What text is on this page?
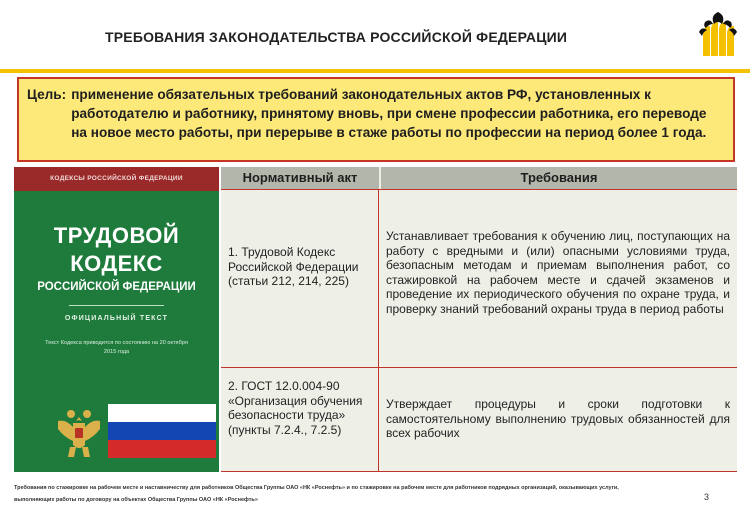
ТРЕБОВАНИЯ ЗАКОНОДАТЕЛЬСТВА РОССИЙСКОЙ ФЕДЕРАЦИИ
Цель: применение обязательных требований законодательных актов РФ, установленных к работодателю и работнику, принятому вновь, при смене профессии работника, его переводе на новое место работы, при перерыве в стаже работы по профессии на период более 1 года.
КОДЕКСЫ РОССИЙСКОЙ ФЕДЕРАЦИИ
ТРУДОВОЙ
КОДЕКС
РОССИЙСКОЙ ФЕДЕРАЦИИ
ОФИЦИАЛЬНЫЙ ТЕКСТ
Текст Кодекса приводится по состоянию на 20 октября 2015 года
Нормативный акт	Требования
1. Трудовой Кодекс Российской Федерации (статьи 212, 214, 225)
Устанавливает требования к обучению лиц, поступающих на работу с вредными и (или) опасными условиями труда, безопасным методам и приемам выполнения работ, со стажировкой на рабочем месте и сдачей экзаменов и проведение их периодического обучения по охране труда, и проверку знаний требований охраны труда в период работы
2. ГОСТ 12.0.004-90 «Организация обучения безопасности труда» (пункты 7.2.4., 7.2.5)
Утверждает процедуры и сроки подготовки к самостоятельному выполнению трудовых обязанностей для всех рабочих
Требования по стажировке на рабочем месте и наставничеству для работников Общества Группы ОАО «НК «Роснефть» и по стажировке на рабочем месте для работников подрядных организаций, оказывающих услуги,
выполняющих работы по договору на объектах Общества Группы ОАО «НК «Роснефть»	3
